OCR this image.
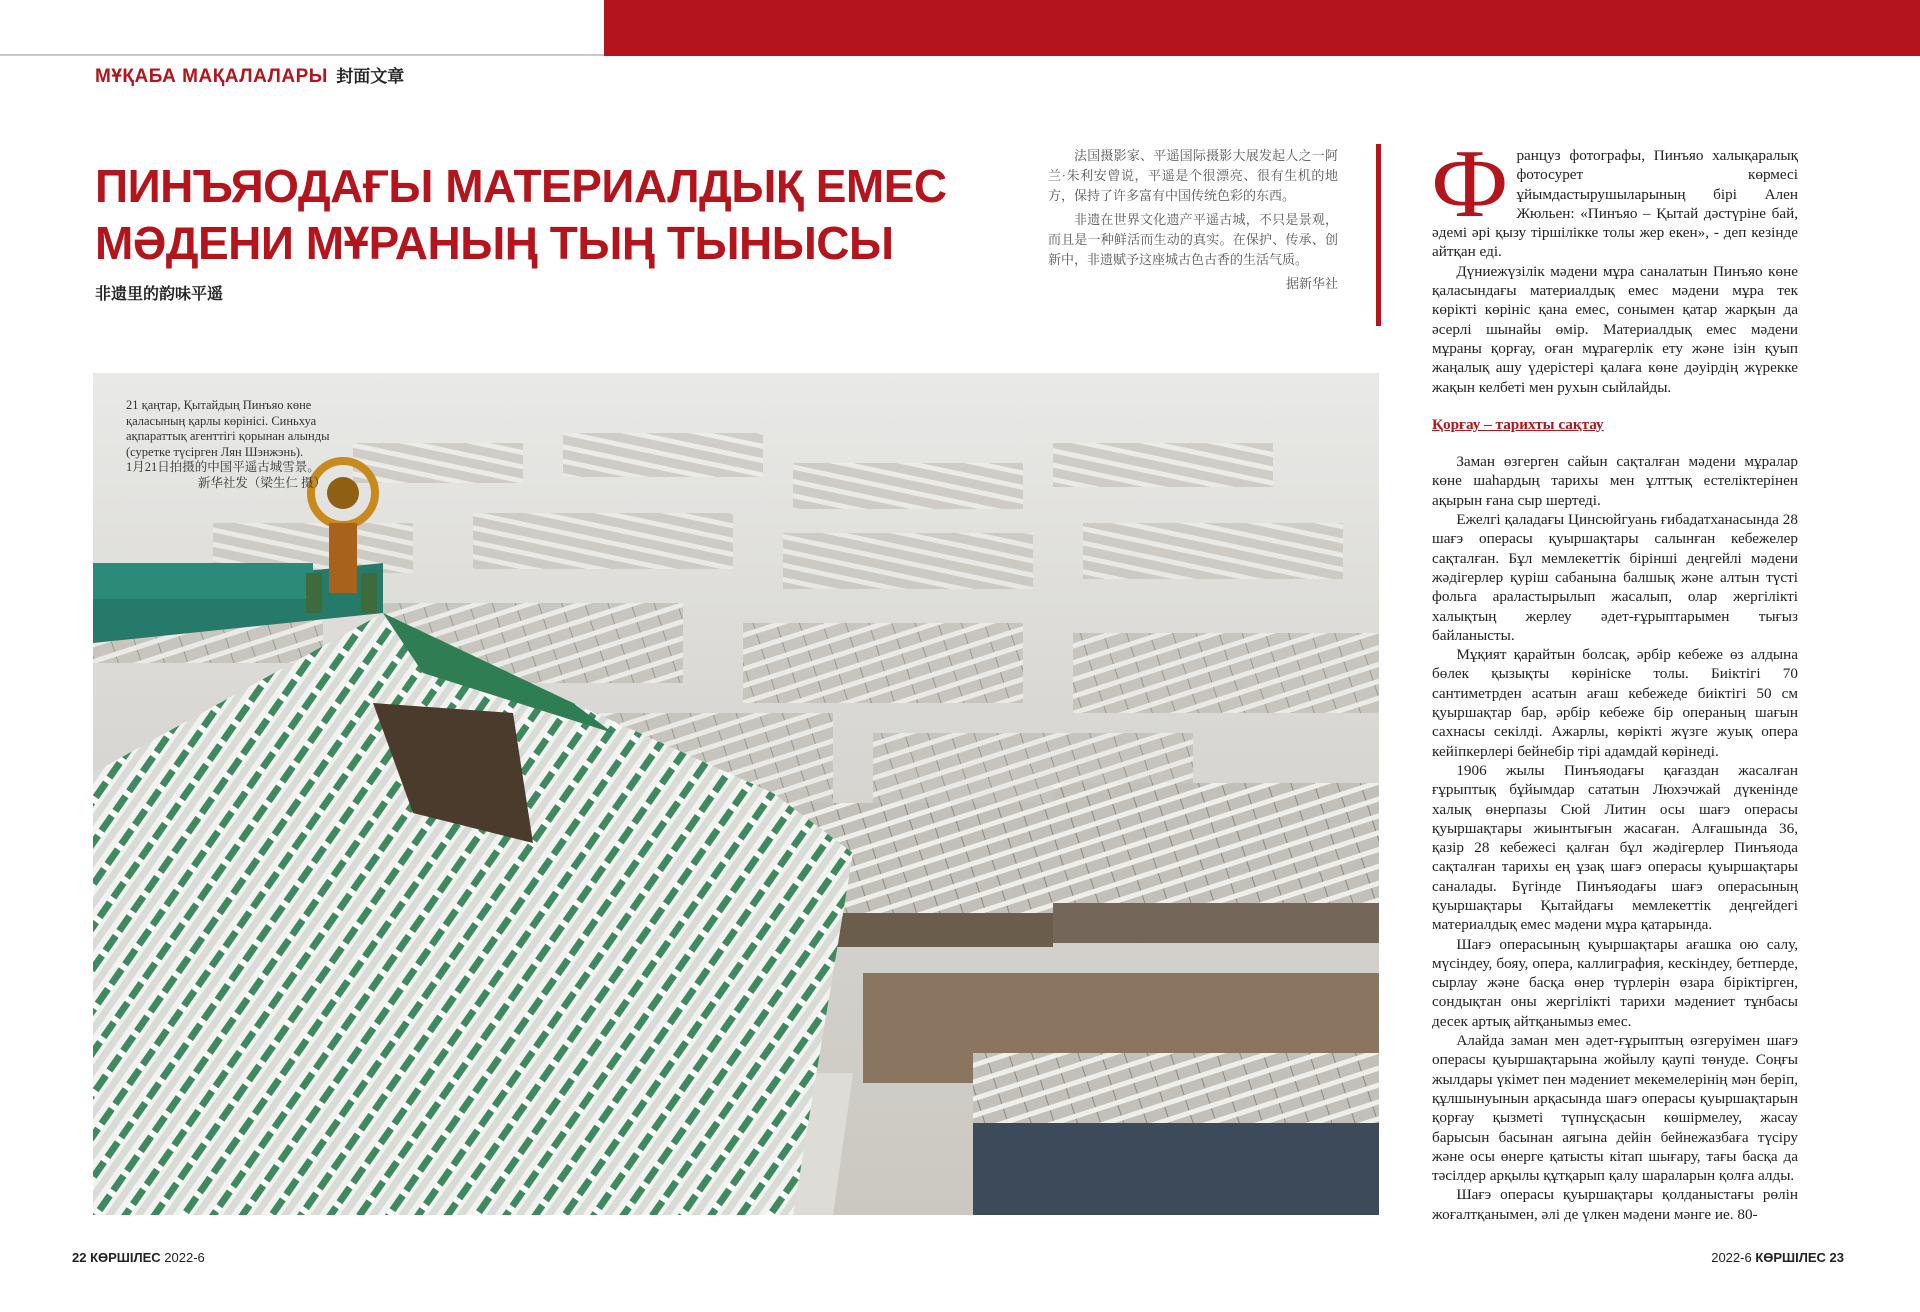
МҰҚАБА МАҚАЛАЛАРЫ 封面文章
ПИНЪЯОДАҒЫ МАТЕРИАЛДЫҚ ЕМЕС
МӘДЕНИ МҰРАНЫҢ ТЫҢ ТЫНЫСЫ
非遗里的韵味平遥

法国摄影家、平遥国际摄影大展发起人之一阿兰·朱利安曾说，平遥是个很漂亮、很有生机的地方，保持了许多富有中国传统色彩的东西。

非遗在世界文化遗产平遥古城，不只是景观，而且是一种鲜活而生动的真实。在保护、传承、创新中，非遗赋予这座城古色古香的生活气质。

据新华社

21 қаңтар, Қытайдың Пинъяо көне қаласының қарлы көрінісі. Синьхуа ақпараттық агенттігі қорынан алынды (суретке түсірген Лян Шэнжэнь).
1月21日拍摄的中国平遥古城雪景。
新华社发（梁生仁 摄）

Француз фотографы, Пинъяо халықаралық фотосурет көрмесі ұйымдастырушыларының бірі Ален Жюльен: «Пинъяо – Қытай дәстүріне бай, әдемі әрі қызу тіршілікке толы жер екен», - деп кезінде айтқан еді.

Дүниежүзілік мәдени мұра саналатын Пинъяо көне қаласындағы материалдық емес мәдени мұра тек көрікті көрініс қана емес, сонымен қатар жарқын да әсерлі шынайы өмір. Материалдық емес мәдени мұраны қорғау, оған мұрагерлік ету және ізін қуып жаңалық ашу үдерістері қалаға көне дәуірдің жүрекке жақын келбеті мен рухын сыйлайды.

Қорғау – тарихты сақтау

Заман өзгерген сайын сақталған мәдени мұралар көне шаһардың тарихы мен ұлттық естеліктерінен ақырын ғана сыр шертеді.

Ежелгі қаладағы Цинсюйгуань ғибадатханасында 28 шағэ операсы қуыршақтары салынған кебежелер сақталған. Бұл мемлекеттік бірінші деңгейлі мәдени жәдігерлер қуріш сабанына балшық және алтын түсті фольга араластырылып жасалып, олар жергілікті халықтың жерлеу әдет-ғұрыптарымен тығыз байланысты.

Мұқият қарайтын болсақ, әрбір кебеже өз алдына бөлек қызықты көрініске толы. Биіктігі 70 сантиметрден асатын ағаш кебежеде биіктігі 50 см қуыршақтар бар, әрбір кебеже бір операның шағын сахнасы секілді. Ажарлы, көрікті жүзге жуық опера кейіпкерлері бейнебір тірі адамдай көрінеді.

1906 жылы Пинъяодағы қағаздан жасалған ғұрыптық бұйымдар сататын Люхэчжай дүкенінде халық өнерпазы Сюй Литин осы шағэ операсы қуыршақтары жиынтығын жасаған. Алғашында 36, қазір 28 кебежесі қалған бұл жәдігерлер Пинъяода сақталған тарихы ең ұзақ шағэ операсы қуыршақтары саналады. Бүгінде Пинъяодағы шағэ операсының қуыршақтары Қытайдағы мемлекеттік деңгейдегі материалдық емес мәдени мұра қатарында.

Шағэ операсының қуыршақтары ағашка ою салу, мүсіндеу, бояу, опера, каллиграфия, кескіндеу, бетперде, сырлау және басқа өнер түрлерін өзара біріктірген, сондықтан оны жергілікті тарихи мәдениет тұнбасы десек артық айтқанымыз емес.

Алайда заман мен әдет-ғұрыптың өзгеруімен шағэ операсы қуыршақтарына жойылу қаупі төнуде. Соңғы жылдары үкімет пен мәдениет мекемелерінің мән беріп, құлшынуынын арқасында шағэ операсы қуыршақтарын қорғау қызметі түпнұсқасын көшірмелеу, жасау барысын басынан аягына дейін бейнежазбаға түсіру және осы өнерге қатысты кітап шығару, тағы басқа да тәсілдер арқылы құтқарып қалу шараларын қолға алды.

Шағэ операсы қуыршақтары қолданыстағы рөлін жоғалтқанымен, әлі де үлкен мәдени мәнге ие. 80-

22 КӨРШІЛЕС 2022-6	2022-6 КӨРШІЛЕС 23
